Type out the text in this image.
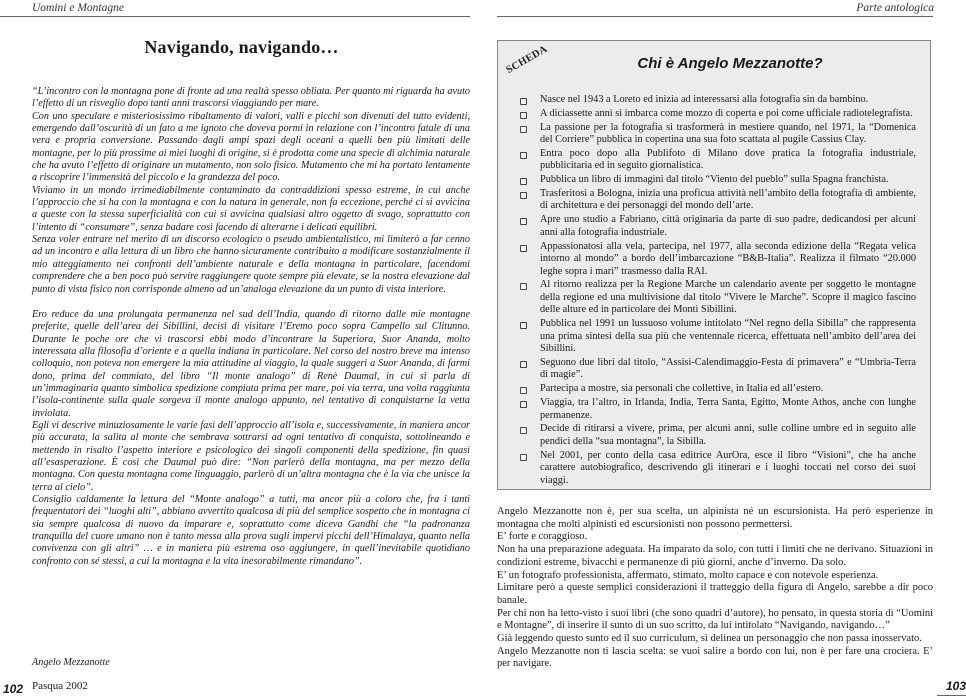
Uomini e Montagne
Navigando, navigando…

“L’incontro con la montagna pone di fronte ad una realtà spesso obliata. Per quanto mi riguarda ha avuto l’effetto di un risveglio dopo tanti anni trascorsi viaggiando per mare.

Con uno speculare e misteriosissimo ribaltamento di valori, valli e picchi son divenuti del tutto evidenti, emergendo dall’oscurità di un fato a me ignoto che doveva pormi in relazione con l’incontro fatale di una vera e propria conversione. Passando dagli ampi spazi degli oceani a quelli ben più limitati delle montagne, per lo più prossime ai miei luoghi di origine, si è prodotta come una specie di alchimia naturale che ha avuto l’effetto di originare un mutamento, non solo fisico. Mutamento che mi ha portato lentamente a riscoprire l’immensità del piccolo e la grandezza del poco.

Viviamo in un mondo irrimediabilmente contaminato da contraddizioni spesso estreme, in cui anche l’approccio che si ha con la montagna e con la natura in generale, non fa eccezione, perché ci si avvicina a queste con la stessa superficialità con cui si avvicina qualsiasi altro oggetto di svago, soprattutto con l’intento di “consumare”, senza badare così facendo di alterarne i delicati equilibri.

Senza voler entrare nel merito di un discorso ecologico o pseudo ambientalistico, mi limiterò a far cenno ad un incontro e alla lettura di un libro che hanno sicuramente contribuito a modificare sostanzialmente il mio atteggiamento nei confronti dell’ambiente naturale e della montagna in particolare, facendomi comprendere che a ben poco può servire raggiungere quote sempre più elevate, se la nostra elevazione dal punto di vista fisico non corrisponde almeno ad un’analoga elevazione da un punto di vista interiore.

Ero reduce da una prolungata permanenza nel sud dell’India, quando di ritorno dalle mie montagne preferite, quelle dell’area dei Sibillini, decisi di visitare l’Eremo poco sopra Campello sul Clitunno. Durante le poche ore che vi trascorsi ebbi modo d’incontrare la Superiora, Suor Ananda, molto interessata alla filosofia d’oriente e a quella indiana in particolare. Nel corso del nostro breve ma intenso colloquio, non poteva non emergere la mia attitudine al viaggio, la quale suggerì a Suor Ananda, di farmi dono, prima del commiato, del libro “Il monte analogo” di Renè Daumal, in cui si parla di un’immaginaria quanto simbolica spedizione compiuta prima per mare, poi via terra, una volta raggiunta l’isola-continente sulla quale sorgeva il monte analogo appunto, nel tentativo di conquistarne la vetta inviolata.

Egli vi descrive minuziosamente le varie fasi dell’approccio all’isola e, successivamente, in maniera ancor più accurata, la salita al monte che sembrava sottrarsi ad ogni tentativo di conquista, sottolineando e mettendo in risalto l’aspetto interiore e psicologico dei singoli componenti della spedizione, fin quasi all’esasperazione. È così che Daumal può dire: “Non parlerò della montagna, ma per mezzo della montagna. Con questa montagna come linguaggio, parlerò di un’altra montagna che è la via che unisce la terra al cielo”.

Consiglio caldamente la lettura del “Monte analogo” a tutti, ma ancor più a coloro che, fra i tanti frequentatori dei “luoghi alti”, abbiano avvertito qualcosa di più del semplice sospetto che in montagna ci sia sempre qualcosa di nuovo da imparare e, soprattutto come diceva Gandhi che “la padronanza tranquilla del cuore umano non è tanto messa alla prova sugli impervi picchi dell’Himalaya, quanto nella convivenza con gli altri” … e in maniera più estrema oso aggiungere, in quell’inevitabile quotidiano confronto con sé stessi, a cui la montagna e la vita inesorabilmente rimandano”.

Angelo Mezzanotte
Pasqua 2002
102
Parte antologica
SCHEDA	Chi è Angelo Mezzanotte?
Nasce nel 1943 a Loreto ed inizia ad interessarsi alla fotografia sin da bambino.
A diciassette anni si imbarca come mozzo di coperta e poi come ufficiale radiotelegrafista.
La passione per la fotografia si trasformerà in mestiere quando, nel 1971, la “Domenica del Corriere” pubblica in copertina una sua foto scattata al pugile Cassius Clay.
Entra poco dopo alla Publifoto di Milano dove pratica la fotografia industriale, pubblicitaria ed in seguito giornalistica.
Pubblica un libro di immagini dal titolo “Viento del pueblo” sulla Spagna franchista.
Trasferitosi a Bologna, inizia una proficua attività nell’ambito della fotografia di ambiente, di architettura e dei personaggi del mondo dell’arte.
Apre uno studio a Fabriano, città originaria da parte di suo padre, dedicandosi per alcuni anni alla fotografia industriale.
Appassionatosi alla vela, partecipa, nel 1977, alla seconda edizione della “Regata velica intorno al mondo” a bordo dell’imbarcazione “B&B-Italia”. Realizza il filmato “20.000 leghe sopra i mari” trasmesso dalla RAI.
Al ritorno realizza per la Regione Marche un calendario avente per soggetto le montagne della regione ed una multivisione dal titolo “Vivere le Marche”. Scopre il magico fascino delle alture ed in particolare dei Monti Sibillini.
Pubblica nel 1991 un lussuoso volume intitolato “Nel regno della Sibilla” che rappresenta una prima sintesi della sua più che ventennale ricerca, effettuata nell’ambito dell’area dei Sibillini.
Seguono due libri dal titolo, “Assisi-Calendimaggio-Festa di primavera” e “Umbria-Terra di magie”.
Partecipa a mostre, sia personali che collettive, in Italia ed all’estero.
Viaggia, tra l’altro, in Irlanda, India, Terra Santa, Egitto, Monte Athos, anche con lunghe permanenze.
Decide di ritirarsi a vivere, prima, per alcuni anni, sulle colline umbre ed in seguito alle pendici della “sua montagna”, la Sibilla.
Nel 2001, per conto della casa editrice AurOra, esce il libro “Visioni”, che ha anche carattere autobiografico, descrivendo gli itinerari e i luoghi toccati nel corso dei suoi viaggi.

Angelo Mezzanotte non è, per sua scelta, un alpinista né un escursionista. Ha però esperienze in montagna che molti alpinisti ed escursionisti non possono permettersi.

E’ forte e coraggioso.

Non ha una preparazione adeguata. Ha imparato da solo, con tutti i limiti che ne derivano. Situazioni in condizioni estreme, bivacchi e permanenze di più giorni, anche d’inverno. Da solo.

E’ un fotografo professionista, affermato, stimato, molto capace e con notevole esperienza.

Limitare però a queste semplici considerazioni il tratteggio della figura di Angelo, sarebbe a dir poco banale.

Per chi non ha letto-visto i suoi libri (che sono quadri d’autore), ho pensato, in questa storia di “Uomini e Montagne”, di inserire il sunto di un suo scritto, da lui intitolato “Navigando, navigando…”

Già leggendo questo sunto ed il suo curriculum, si delinea un personaggio che non passa inosservato.

Angelo Mezzanotte non ti lascia scelta: se vuoi salire a bordo con lui, non è per fare una crociera. E’ per navigare.

103
